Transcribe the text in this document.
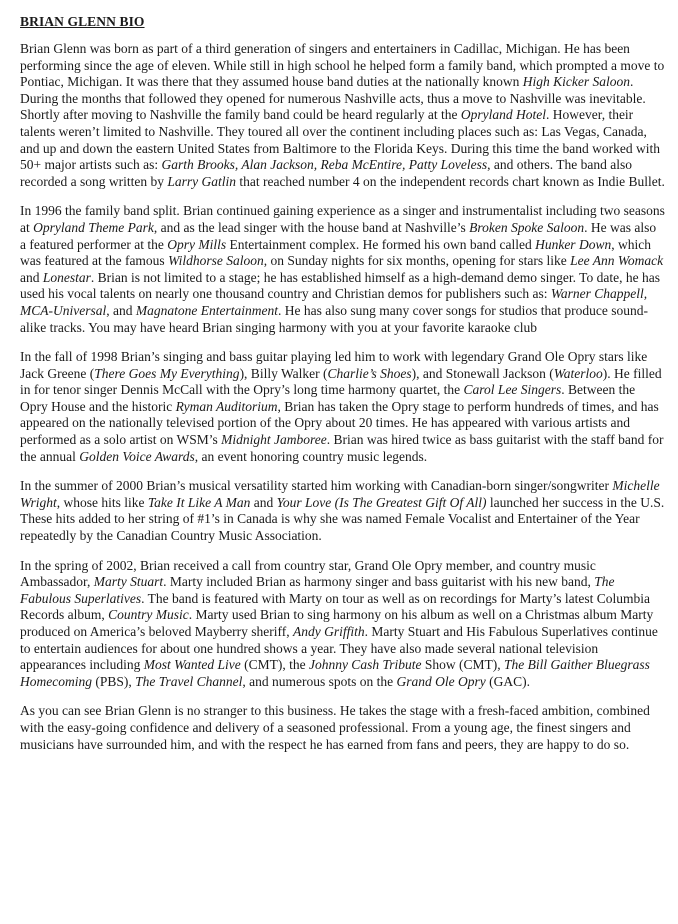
BRIAN GLENN BIO
Brian Glenn was born as part of a third generation of singers and entertainers in Cadillac, Michigan. He has been performing since the age of eleven. While still in high school he helped form a family band, which prompted a move to Pontiac, Michigan. It was there that they assumed house band duties at the nationally known High Kicker Saloon. During the months that followed they opened for numerous Nashville acts, thus a move to Nashville was inevitable. Shortly after moving to Nashville the family band could be heard regularly at the Opryland Hotel. However, their talents weren’t limited to Nashville. They toured all over the continent including places such as: Las Vegas, Canada, and up and down the eastern United States from Baltimore to the Florida Keys. During this time the band worked with 50+ major artists such as: Garth Brooks, Alan Jackson, Reba McEntire, Patty Loveless, and others. The band also recorded a song written by Larry Gatlin that reached number 4 on the independent records chart known as Indie Bullet.
In 1996 the family band split. Brian continued gaining experience as a singer and instrumentalist including two seasons at Opryland Theme Park, and as the lead singer with the house band at Nashville’s Broken Spoke Saloon. He was also a featured performer at the Opry Mills Entertainment complex. He formed his own band called Hunker Down, which was featured at the famous Wildhorse Saloon, on Sunday nights for six months, opening for stars like Lee Ann Womack and Lonestar. Brian is not limited to a stage; he has established himself as a high-demand demo singer. To date, he has used his vocal talents on nearly one thousand country and Christian demos for publishers such as: Warner Chappell, MCA-Universal, and Magnatone Entertainment. He has also sung many cover songs for studios that produce sound-alike tracks. You may have heard Brian singing harmony with you at your favorite karaoke club
In the fall of 1998 Brian’s singing and bass guitar playing led him to work with legendary Grand Ole Opry stars like Jack Greene (There Goes My Everything), Billy Walker (Charlie’s Shoes), and Stonewall Jackson (Waterloo). He filled in for tenor singer Dennis McCall with the Opry’s long time harmony quartet, the Carol Lee Singers. Between the Opry House and the historic Ryman Auditorium, Brian has taken the Opry stage to perform hundreds of times, and has appeared on the nationally televised portion of the Opry about 20 times. He has appeared with various artists and performed as a solo artist on WSM’s Midnight Jamboree. Brian was hired twice as bass guitarist with the staff band for the annual Golden Voice Awards, an event honoring country music legends.
In the summer of 2000 Brian’s musical versatility started him working with Canadian-born singer/songwriter Michelle Wright, whose hits like Take It Like A Man and Your Love (Is The Greatest Gift Of All) launched her success in the U.S. These hits added to her string of #1’s in Canada is why she was named Female Vocalist and Entertainer of the Year repeatedly by the Canadian Country Music Association.
In the spring of 2002, Brian received a call from country star, Grand Ole Opry member, and country music Ambassador, Marty Stuart. Marty included Brian as harmony singer and bass guitarist with his new band, The Fabulous Superlatives. The band is featured with Marty on tour as well as on recordings for Marty’s latest Columbia Records album, Country Music. Marty used Brian to sing harmony on his album as well on a Christmas album Marty produced on America’s beloved Mayberry sheriff, Andy Griffith. Marty Stuart and His Fabulous Superlatives continue to entertain audiences for about one hundred shows a year. They have also made several national television appearances including Most Wanted Live (CMT), the Johnny Cash Tribute Show (CMT), The Bill Gaither Bluegrass Homecoming (PBS), The Travel Channel, and numerous spots on the Grand Ole Opry (GAC).
As you can see Brian Glenn is no stranger to this business. He takes the stage with a fresh-faced ambition, combined with the easy-going confidence and delivery of a seasoned professional. From a young age, the finest singers and musicians have surrounded him, and with the respect he has earned from fans and peers, they are happy to do so.
